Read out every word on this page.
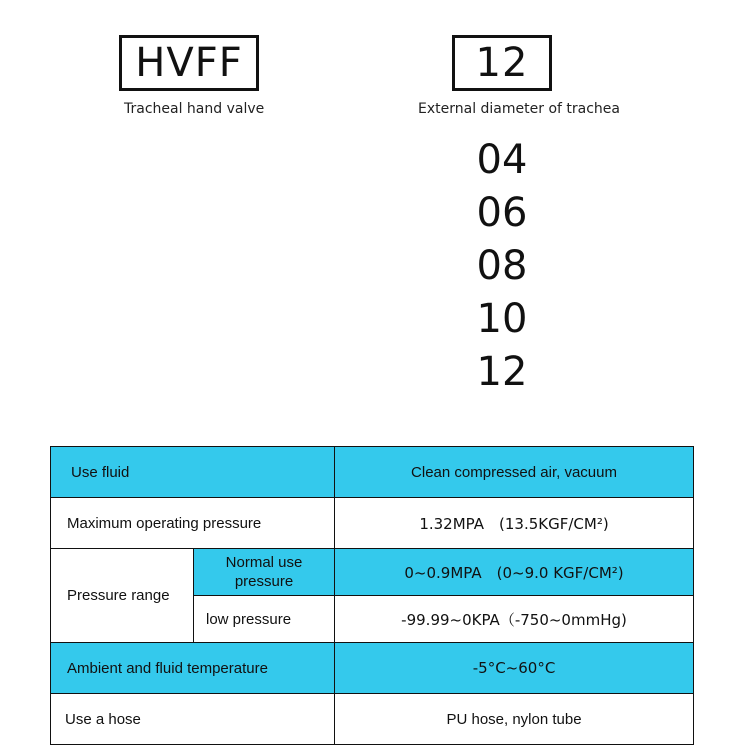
HVFF
Tracheal hand valve
12
External diameter of trachea
04
06
08
10
12
Use fluid		Clean compressed air, vacuum
Maximum operating pressure		1.32MPA　(13.5KGF/CM²)
Pressure range	Normal use pressure	0~0.9MPA　(0~9.0 KGF/CM²)
	low pressure	-99.99~0KPA（-750~0mmHg)
Ambient and fluid temperature		-5°C~60°C
Use a hose		PU hose, nylon tube
